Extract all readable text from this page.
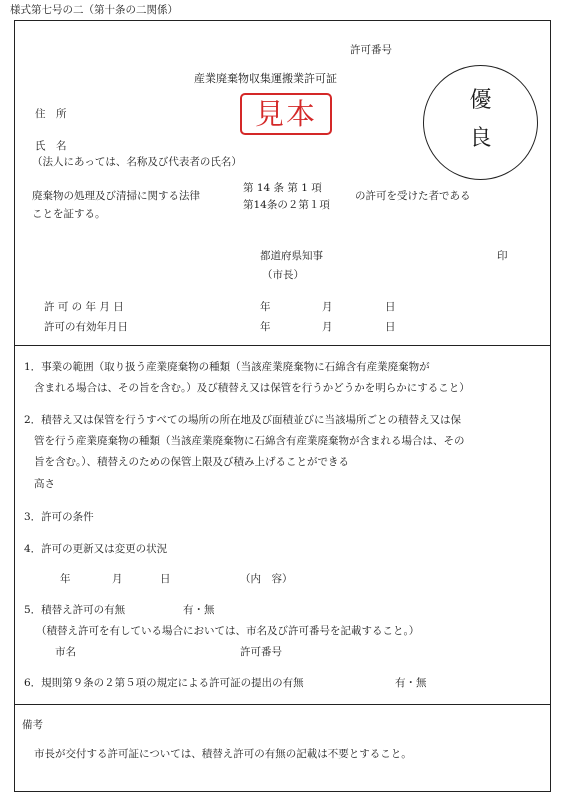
様式第七号の二（第十条の二関係）
許可番号
産業廃棄物収集運搬業許可証
見本	優
良
住　所
氏　名
（法人にあっては、名称及び代表者の氏名）
廃棄物の処理及び清掃に関する法律
第 14 条 第 1 項
第14条の２第１項
の許可を受けた者である
ことを証する。
都道府県知事	印
（市長）
許 可 の 年 月 日	年	月	日
許可の有効年月日	年	月	日
1．事業の範囲（取り扱う産業廃棄物の種類（当該産業廃棄物に石綿含有産業廃棄物が
含まれる場合は、その旨を含む。）及び積替え又は保管を行うかどうかを明らかにすること）
2．積替え又は保管を行うすべての場所の所在地及び面積並びに当該場所ごとの積替え又は保
管を行う産業廃棄物の種類（当該産業廃棄物に石綿含有産業廃棄物が含まれる場合は、その
旨を含む。）、積替えのための保管上限及び積み上げることができる
高さ
3．許可の条件
4．許可の更新又は変更の状況
年	月	日	（内　容）
5．積替え許可の有無	有・無
（積替え許可を有している場合においては、市名及び許可番号を記載すること。）
市名	許可番号
6．規則第９条の２第５項の規定による許可証の提出の有無	有・無
備考
市長が交付する許可証については、積替え許可の有無の記載は不要とすること。
